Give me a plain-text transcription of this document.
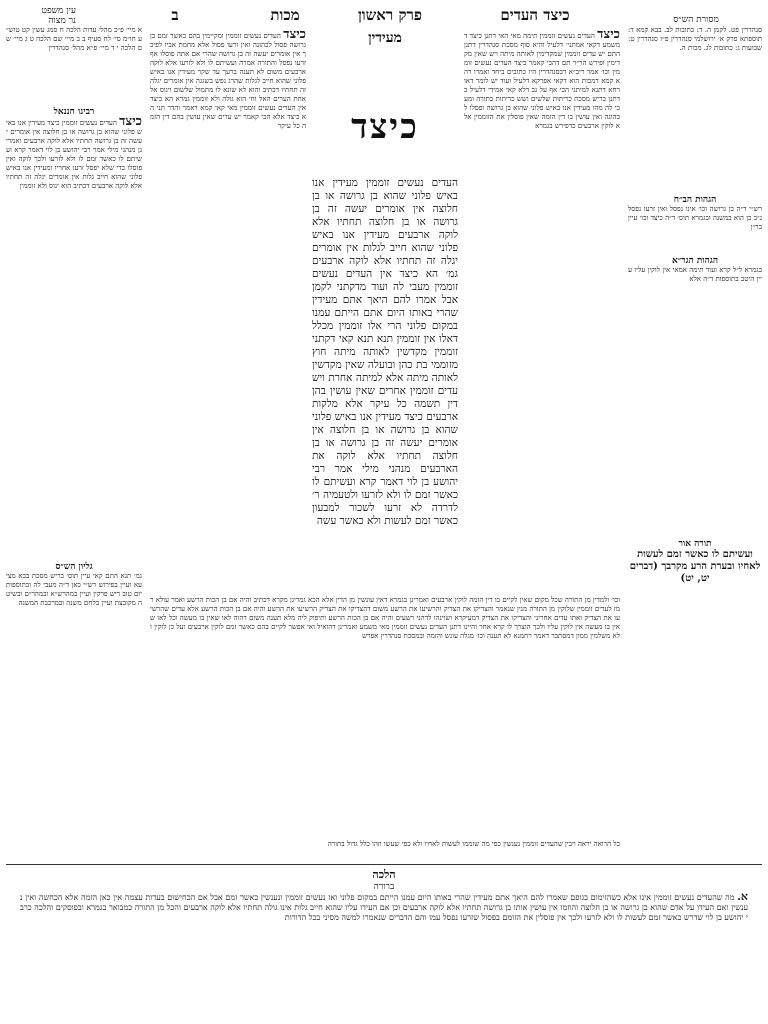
עין משפט
נר מצוה	ב	מכות	פרק ראשון	כיצד העדים	מסורת הש״ס
סנהדרין פט. לקמן ה. ד: כתובות לב. בבא קמא ד: תוספתא פרק א׳ ירושלמי סנהדרין פ״ו סנהדרין ט: שבועות ג: כתובות לג. מכות ה.
הגהות הב״ח
רש״י ד״ה בן גרושה וכו׳ אינו נפסל ואין זרעו נפסל נ״ב כן הוא במשנה ובגמרא תוס׳ ד״ה כיצד וכו׳ עיין בר״ן
הגהות הגר״א
בגמרא ל״ל קרא ועוד תימה אמאי אין לוקין עליו עיין היטב בתוספות ד״ה אלא
תורה אור
ועשיתם לו כאשר זמם לעשות לאחיו ובערת הרע מקרבך (דברים יט, יט)
א מיי׳ פ״כ מהל׳ עדות הלכה ח סמג עשין קט טוש״ע חו״מ סי׳ לח סעיף ב ב מיי׳ שם הלכה ט ג מיי׳ שם הלכה י ד מיי׳ פ״א מהל׳ סנהדרין
רבינו חננאל
כיצד העדים נעשים זוממין כיצד מעידין אנו באיש פלוני שהוא בן גרושה או בן חלוצה אין אומרים יעשה זה בן גרושה תחתיו אלא לוקה ארבעים ואמרינן מנהני מילי אמר רבי יהושע בן לוי דאמר קרא ועשיתם לו כאשר זמם לו ולא לזרעו ולכך לוקה ואין פוסלו כדי שלא יפסל זרעו אחריו ומעידין אנו באיש פלוני שהוא חייב גלות אין אומרים יגלה זה תחתיו אלא לוקה ארבעים דכתיב הוא ינוס ולא זוממין
גליון הש״ס
גמ׳ תנא התם קאי עיין תוס׳ בריש מסכת בבא מציעא ועיין בפירוש רש״י כאן ד״ה מעבי לה ובתוספות יום טוב ריש פרקין ועיין במהרש״א ובמהר״ם ובשיטה מקובצת ועיין בלחם משנה ובמרכבת המשנה
כיצד העדים נעשים זוממין תימה מאי האי דתנן כיצד דמשמע דקאי אמתני׳ דלעיל והיא סוף מסכת סנהדרין דתנן התם יש עדים זוממין שמקדימין לאותה מיתה ויש שאין מקדימין ופירש הר״ר תם דהכי קאמר כיצד העדים נעשים זוממין וכו׳ אמר ריב״א דבסנהדרין היו כתובים ביחד ואמרו דהא קמא דמכות הוא דקאי אפרקא דלעיל ועוד יש לומר דאורחא דתנא למיתני הכי אף על גב דלא קאי אמידי דלעיל כדתנן בריש מסכת כריתות שלשים ושש כריתות בתורה ומעבי לה מהו מעידין אנו באיש פלוני שהוא בן גרושה ופסלו לכהונה ואין עושין בו דין הזמה שאין פוסלין את הזוממין אלא לוקין ארבעים כדפירש בגמרא
כיצד העדים נעשים זוממין ומקיימין בהם כאשר זמם בן גרושה פסול לכהונה ואין זרעו פסול אלא מחמת אביו לפיכך אין אומרים יעשה זה בן גרושה שהרי אם אתה פוסלו אף זרעו נפסל והתורה אמרה ועשיתם לו ולא לזרעו אלא לוקה ארבעים משום לא תענה ברעך עד שקר מעידין אנו באיש פלוני שהוא חייב לגלות שהרג נפש בשגגה אין אומרים יגלה זה תחתיו דכתיב והוא לא שונא לו מתמול שלשום וינוס אל אחת הערים האל וחי הוא גולה ולא זוממין גמרא הא כיצד אין העדים נעשים זוממין מאי קאי קמא דאמר והדר תני הא כיצד אלא הכי קאמר יש עדים שאין עושין בהם דין הזמה כל עיקר
מעידין
כיצד
העדים נעשים זוממין מעידין אנו באיש פלוני שהוא בן גרושה או בן חלוצה אין אומרים יעשה זה בן גרושה או בן חלוצה תחתיו אלא לוקה ארבעים מעידין אנו באיש פלוני שהוא חייב לגלות אין אומרים יגלה זה תחתיו אלא לוקה ארבעים גמ׳ הא כיצד אין העדים נעשים זוממין מעבי לה ועוד מדקתני לקמן אבל אמרו להם היאך אתם מעידין שהרי באותו היום אתם הייתם עמנו במקום פלוני הרי אלו זוממין מכלל דאלו אין זוממין תנא תנא קאי דקתני זוממין מקדשין לאותה מיתה חוץ מזוממי בת כהן ובועלה שאין מקדשין לאותה מיתה אלא למיתה אחרת ויש עדים זוממין אחרים שאין עושין בהן דין תשמה כל עיקר אלא מלקות ארבעים כיצד מעידין אנו באיש פלוני שהוא בן גרושה או בן חלוצה אין אומרים יעשה זה בן גרושה או בן חלוצה תחתיו אלא לוקה את הארבעים מנהני מילי אמר רבי יהושע בן לוי דאמר קרא ועשיתם לו כאשר זמם לו ולא לזרעו ולטעמיה ר׳ לדרדה לא זרעו לשכור למבעון כאשר זמם לעשות ולא כאשר עשה
וכו׳ ולמדין מן התורה שכל מקום שאין לקיים בו דין הזמה לוקין ארבעים ואמרינן בגמרא דאין עונשין מן הדין אלא הכא גמרינן מקרא דכתיב והיה אם בן הכות הרשע ואמר עולא רמז לעדים זוממין שלוקין מן התורה מנין שנאמר והצדיקו את הצדיק והרשיעו את הרשע משום דהצדיקו את הצדיק הרשיעו את הרשע והיה אם בן הכות הרשע אלא עדים שהרשיעו את הצדיק ואתו עדים אחריני והצדיקו את הצדיק דמעיקרא ושוינהו לדהני רשעים והיה אם בן הכות הרשע ותיפוק ליה מלא תענה משום דהוה לאו שאין בו מעשה וכל לאו שאין בו מעשה אין לוקין עליו ולכך הוצרך לו קרא אחר והיינו דתנן העדים נעשים זוממין מאי משמע ואמרינן דהואיל ואי אפשר לקיים בהם כאשר זמם לוקין ארבעים ועל כן לוקין ולא משלמין ממון דמסתבר דאמר רחמנא לא תענה וכו׳ מגלה עונש והזמה ובמסכת סנהדרין אפרש
כל הרואה יראה ויבין שהעדים זוממין נענשין כפי מה שזממו לעשות לאחיו ולא כפי שעשו וזהו כלל גדול בתורה
הלכה
ברורה
א. מה שהעדים נעשים זוממין אינו אלא כשהזימום בגופם שאמרו להם היאך אתם מעידין שהרי באותו היום עמנו הייתם במקום פלוני ואז נעשים זוממין ונענשין כאשר זמם אבל אם הכחישום בעדות עצמה אין כאן הזמה אלא הכחשה ואין נענשין ואם העידו על אדם שהוא בן גרושה או בן חלוצה והוזמו אין עושין אותו בן גרושה תחתיו אלא לוקה ארבעים וכן אם העידו עליו שהוא חייב גלות אינו גולה תחתיו אלא לוקה ארבעים והכל מן התורה כמבואר בגמרא ובפוסקים והלכה כרבי יהושע בן לוי שדרש כאשר זמם לעשות לו ולא לזרעו ולכך אין פוסלין את הזומם בפסול שזרעו נפסל עמו והם הדברים שנאמרו למשה מסיני בכל הדורות
